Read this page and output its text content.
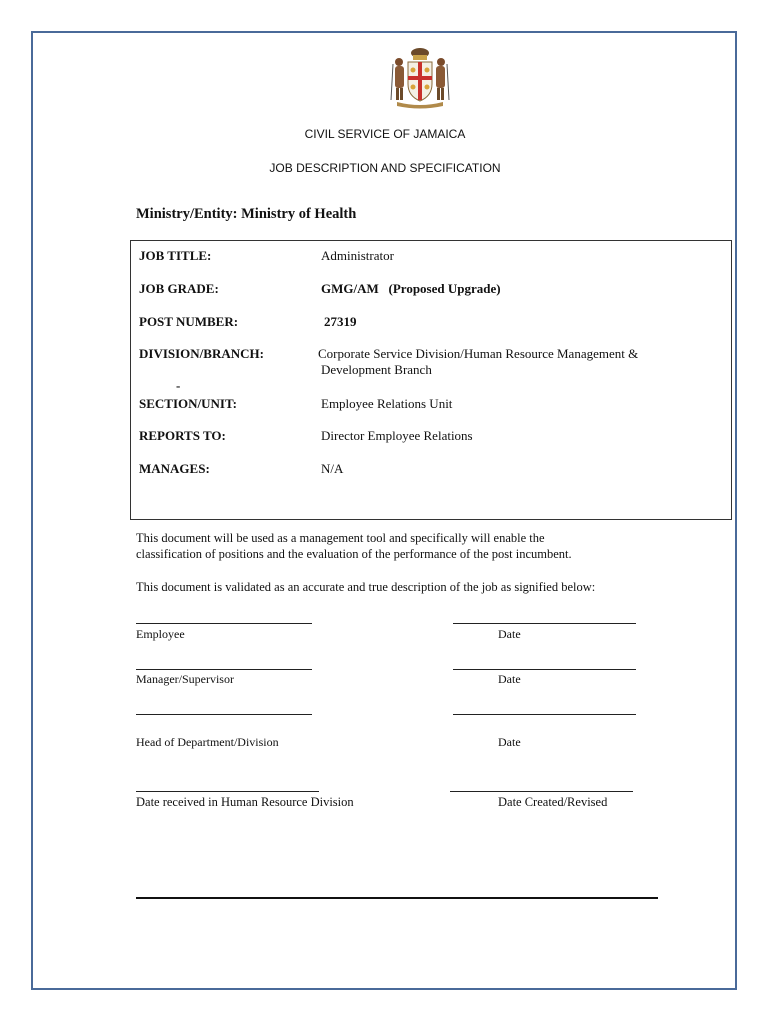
CIVIL SERVICE OF JAMAICA
JOB DESCRIPTION AND SPECIFICATION
Ministry/Entity: Ministry of Health
JOB TITLE:	Administrator
JOB GRADE:	GMG/AM   (Proposed Upgrade)
POST NUMBER:	27319
DIVISION/BRANCH:	Corporate Service Division/Human Resource Management &
Development Branch
-
SECTION/UNIT:	Employee Relations Unit
REPORTS TO:	Director Employee Relations
MANAGES:	N/A
This document will be used as a management tool and specifically will enable the
classification of positions and the evaluation of the performance of the post incumbent.
This document is validated as an accurate and true description of the job as signified below:
Employee	Date
Manager/Supervisor	Date
Head of Department/Division	Date
Date received in Human Resource Division	Date Created/Revised
